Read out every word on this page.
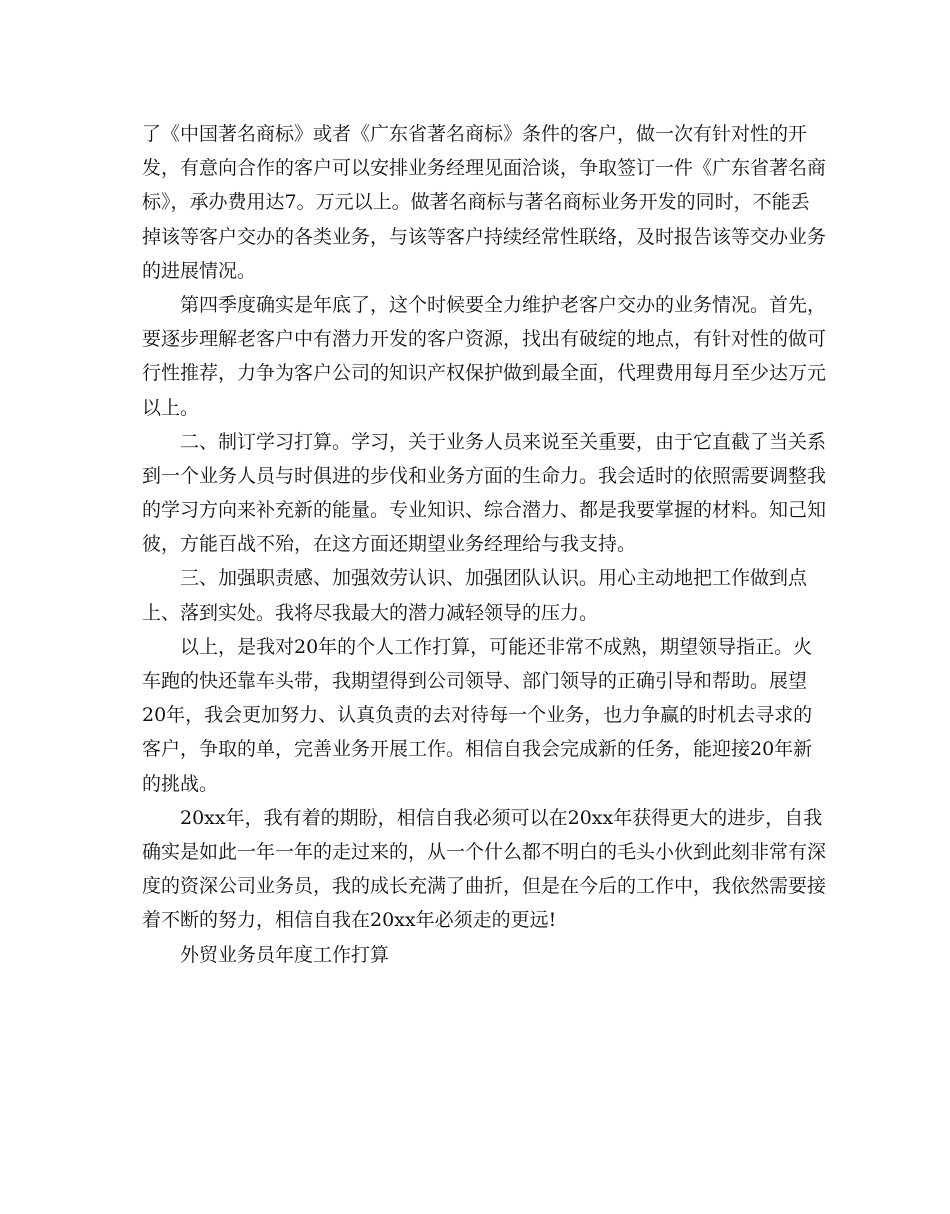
了《中国著名商标》或者《广东省著名商标》条件的客户，做一次有针对性的开
发，有意向合作的客户可以安排业务经理见面洽谈，争取签订一件《广东省著名商
标》，承办费用达7。万元以上。做著名商标与著名商标业务开发的同时，不能丢
掉该等客户交办的各类业务，与该等客户持续经常性联络，及时报告该等交办业务
的进展情况。
第四季度确实是年底了，这个时候要全力维护老客户交办的业务情况。首先，
要逐步理解老客户中有潜力开发的客户资源，找出有破绽的地点，有针对性的做可
行性推荐，力争为客户公司的知识产权保护做到最全面，代理费用每月至少达万元
以上。
二、制订学习打算。学习，关于业务人员来说至关重要，由于它直截了当关系
到一个业务人员与时俱进的步伐和业务方面的生命力。我会适时的依照需要调整我
的学习方向来补充新的能量。专业知识、综合潜力、都是我要掌握的材料。知己知
彼，方能百战不殆，在这方面还期望业务经理给与我支持。
三、加强职责感、加强效劳认识、加强团队认识。用心主动地把工作做到点
上、落到实处。我将尽我最大的潜力减轻领导的压力。
以上，是我对20年的个人工作打算，可能还非常不成熟，期望领导指正。火
车跑的快还靠车头带，我期望得到公司领导、部门领导的正确引导和帮助。展望
20年，我会更加努力、认真负责的去对待每一个业务，也力争赢的时机去寻求的
客户，争取的单，完善业务开展工作。相信自我会完成新的任务，能迎接20年新
的挑战。
20xx年，我有着的期盼，相信自我必须可以在20xx年获得更大的进步，自我
确实是如此一年一年的走过来的，从一个什么都不明白的毛头小伙到此刻非常有深
度的资深公司业务员，我的成长充满了曲折，但是在今后的工作中，我依然需要接
着不断的努力，相信自我在20xx年必须走的更远!
外贸业务员年度工作打算
